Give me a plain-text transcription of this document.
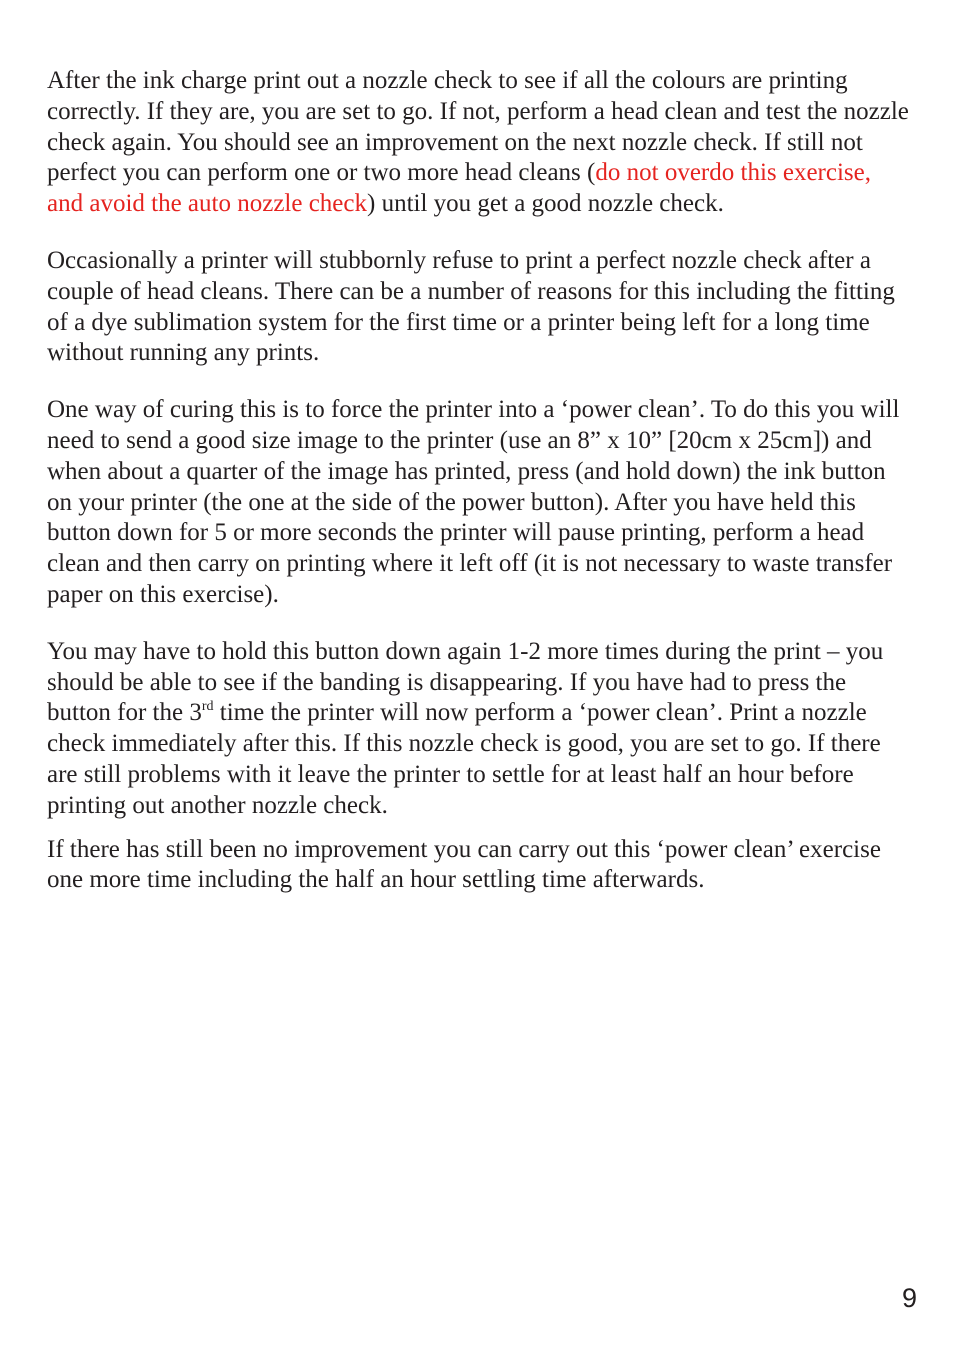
After the ink charge print out a nozzle check to see if all the colours are printing correctly. If they are, you are set to go. If not, perform a head clean and test the nozzle check again. You should see an improvement on the next nozzle check. If still not perfect you can perform one or two more head cleans (do not overdo this exercise, and avoid the auto nozzle check) until you get a good nozzle check.

Occasionally a printer will stubbornly refuse to print a perfect nozzle check after a couple of head cleans. There can be a number of reasons for this including the fitting of a dye sublimation system for the first time or a printer being left for a long time without running any prints.

One way of curing this is to force the printer into a ‘power clean’. To do this you will need to send a good size image to the printer (use an 8” x 10” [20cm x 25cm]) and when about a quarter of the image has printed, press (and hold down) the ink button on your printer (the one at the side of the power button). After you have held this button down for 5 or more seconds the printer will pause printing, perform a head clean and then carry on printing where it left off (it is not necessary to waste transfer paper on this exercise).

You may have to hold this button down again 1-2 more times during the print – you should be able to see if the banding is disappearing. If you have had to press the button for the 3rd time the printer will now perform a ‘power clean’. Print a nozzle check immediately after this. If this nozzle check is good, you are set to go. If there are still problems with it leave the printer to settle for at least half an hour before printing out another nozzle check.

If there has still been no improvement you can carry out this ‘power clean’ exercise one more time including the half an hour settling time afterwards.

9
